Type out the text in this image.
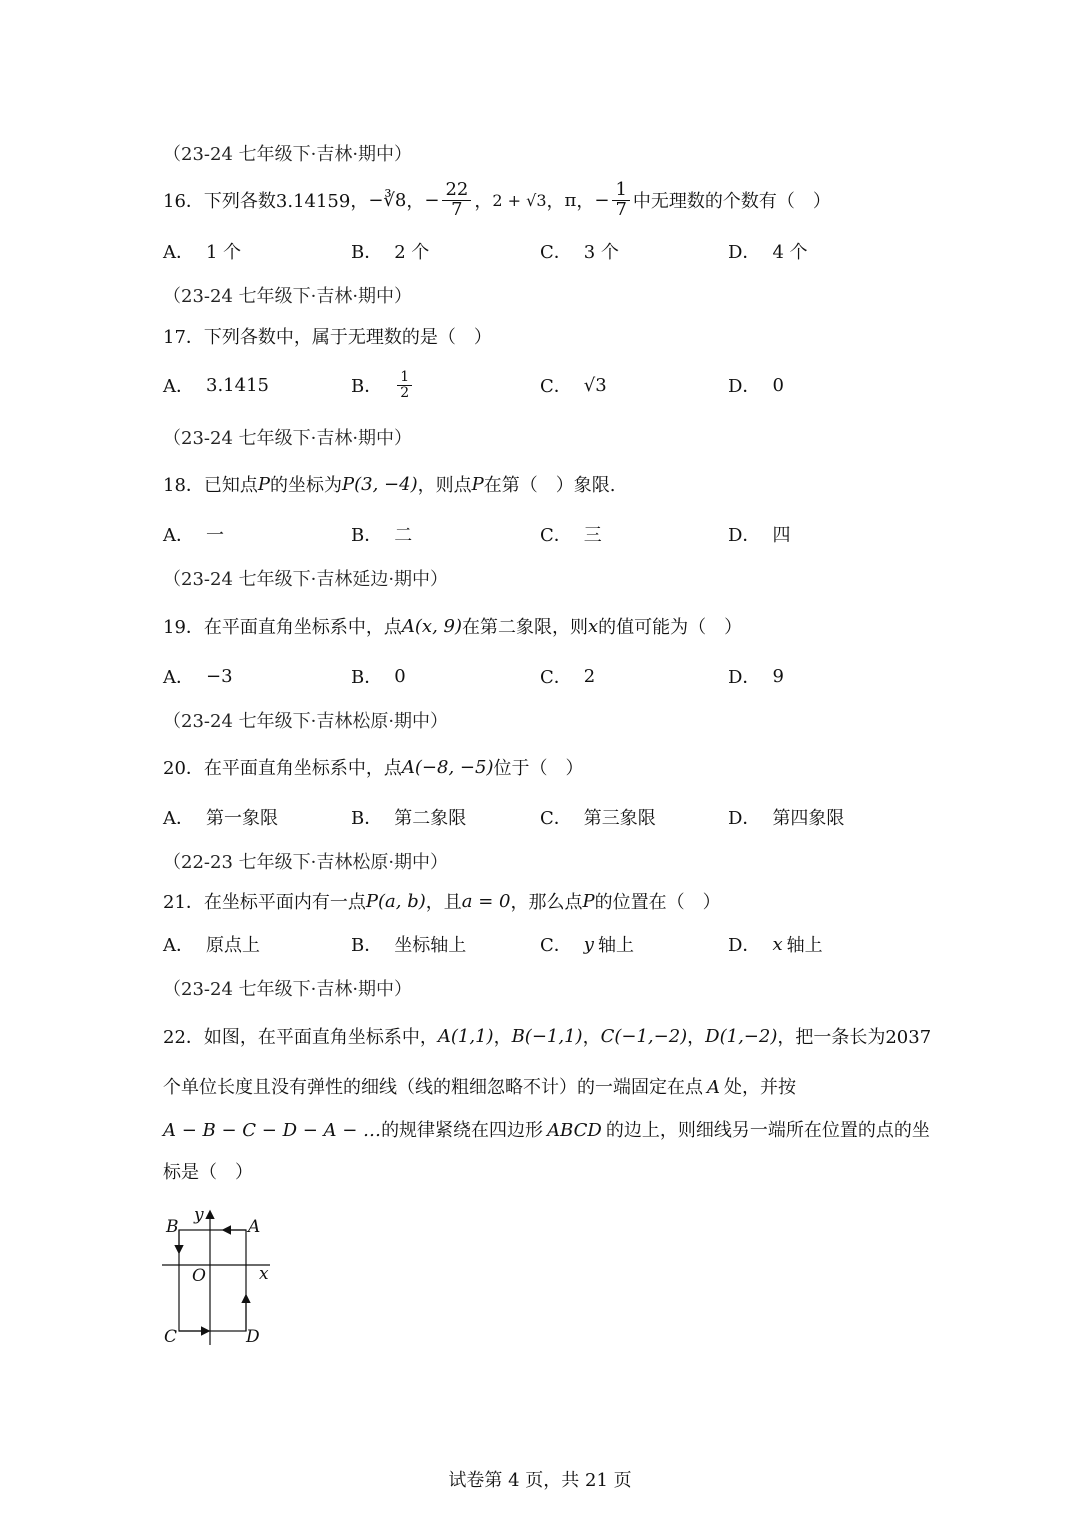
（23-24 七年级下·吉林·期中）
16．下列各数3.14159， −∛8 ， − $\frac{22}{7}$ ， 2 + √3 ， π ， − $\frac{1}{7}$ 中无理数的个数有（　）
A． 1 个	B． 2 个	C． 3 个	D． 4 个
（23-24 七年级下·吉林·期中）
17．下列各数中，属于无理数的是（　）
A． 3.1415	B． $\frac{1}{2}$	C． √3	D． 0
（23-24 七年级下·吉林·期中）
18．已知点 P 的坐标为 P(3, −4) ，则点 P 在第（　）象限.
A． 一	B． 二	C． 三	D． 四
（23-24 七年级下·吉林延边·期中）
19．在平面直角坐标系中，点 A(x, 9) 在第二象限，则 x 的值可能为（　）
A． −3	B． 0	C． 2	D． 9
（23-24 七年级下·吉林松原·期中）
20．在平面直角坐标系中，点 A(−8, −5) 位于（　）
A． 第一象限	B． 第二象限	C． 第三象限	D． 第四象限
（22-23 七年级下·吉林松原·期中）
21．在坐标平面内有一点 P(a, b) ，且 a = 0 ，那么点 P 的位置在（　）
A． 原点上	B． 坐标轴上	C． y 轴上	D． x 轴上
（23-24 七年级下·吉林·期中）
22．如图，在平面直角坐标系中， A(1,1) ， B(−1,1) ， C(−1,−2) ， D(1,−2) ，把一条长为2037
个单位长度且没有弹性的细线（线的粗细忽略不计）的一端固定在点 A 处，并按
A − B − C − D − A − …的规律紧绕在四边形 ABCD 的边上，则细线另一端所在位置的点的坐
标是（　）
A
B
C	D
O	x
y
试卷第 4 页，共 21 页
